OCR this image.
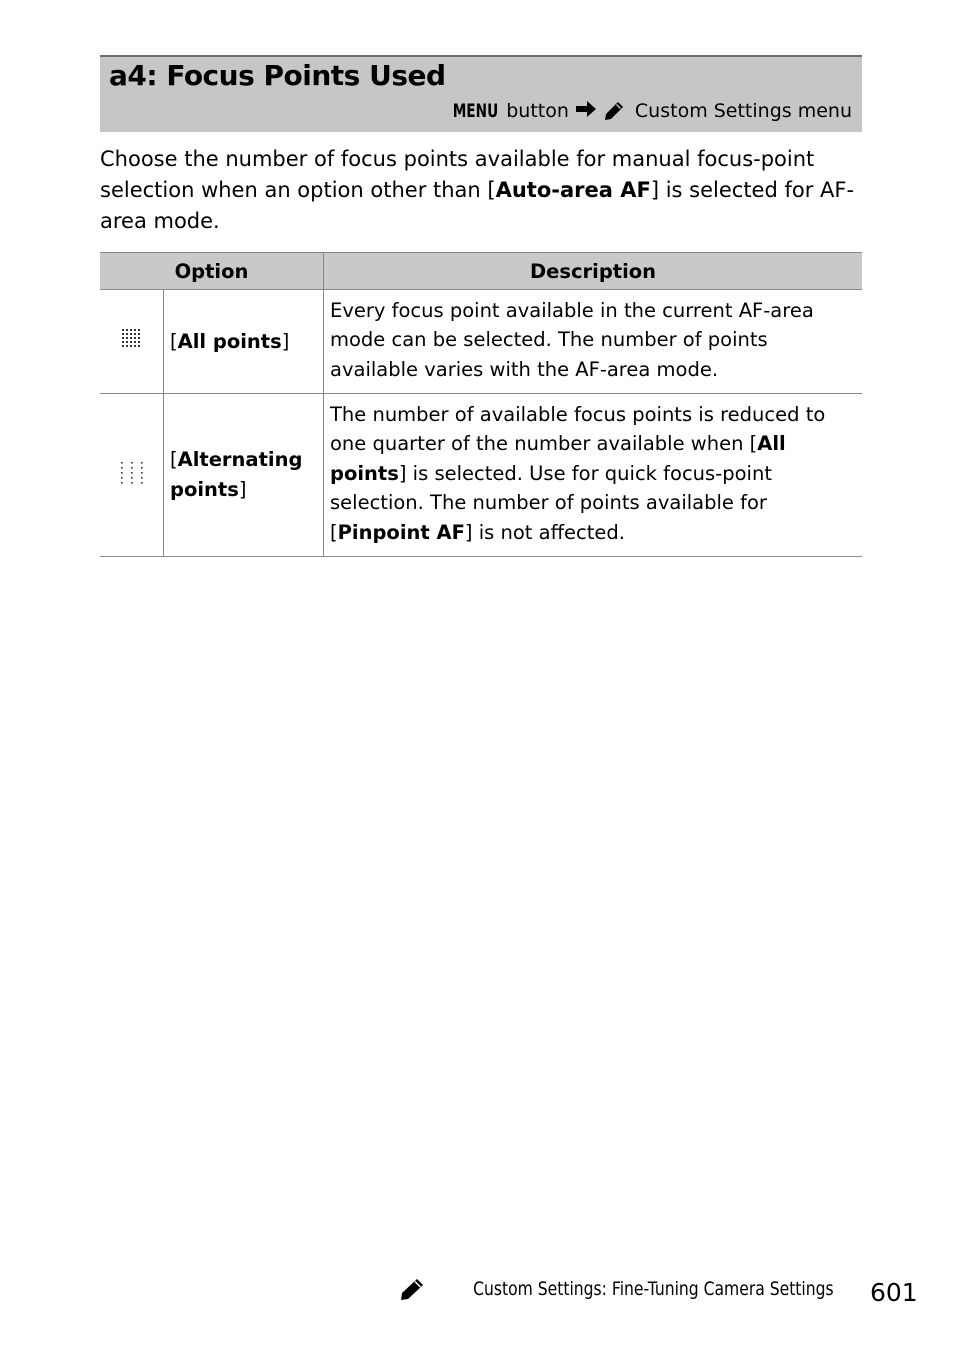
a4: Focus Points Used
MENU button	Custom Settings menu
Choose the number of focus points available for manual focus-point selection when an option other than [Auto-area AF] is selected for AF-area mode.
Option		Description
	[All points]	Every focus point available in the current AF-area mode can be selected. The number of points available varies with the AF-area mode.
	[Alternating points]	The number of available focus points is reduced to one quarter of the number available when [All points] is selected. Use for quick focus-point selection. The number of points available for [Pinpoint AF] is not affected.
Custom Settings: Fine-Tuning Camera Settings 601
